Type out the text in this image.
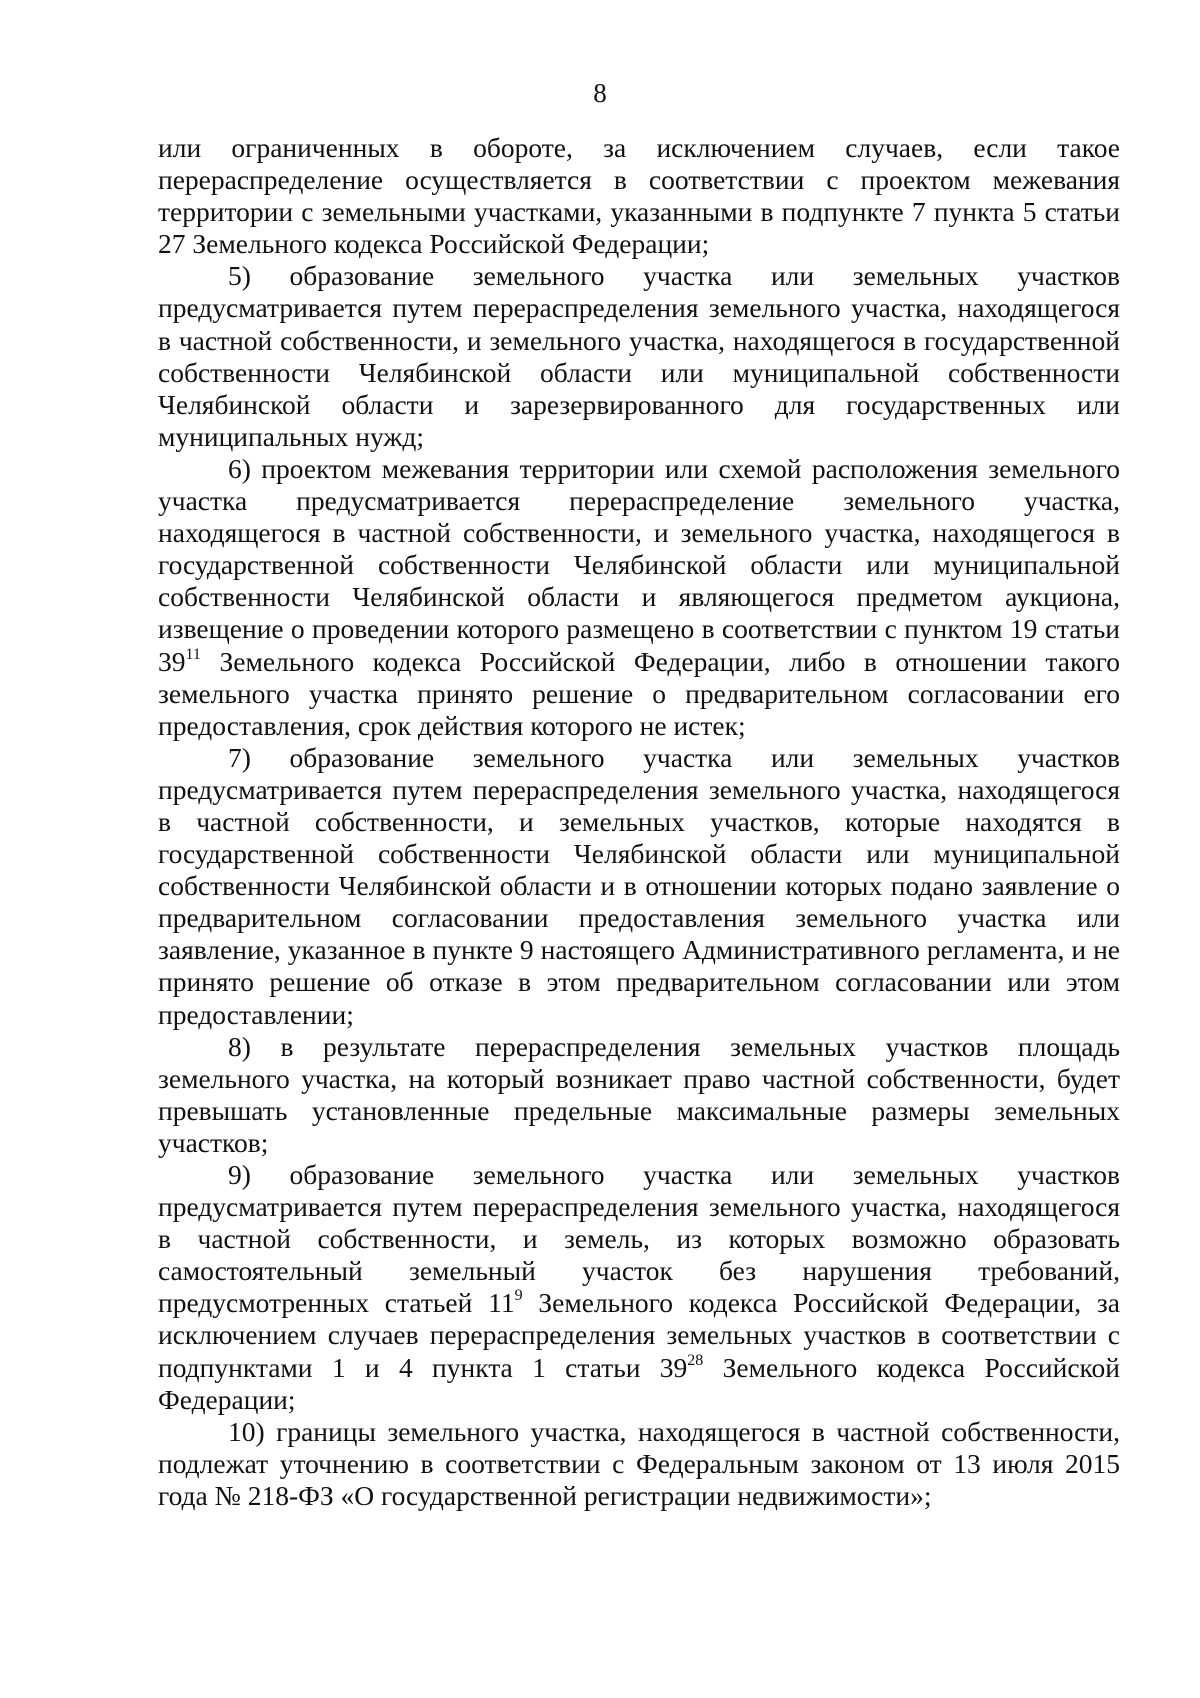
8

или ограниченных в обороте, за исключением случаев, если такое перераспределение осуществляется в соответствии с проектом межевания территории с земельными участками, указанными в подпункте 7 пункта 5 статьи 27 Земельного кодекса Российской Федерации;

5) образование земельного участка или земельных участков предусматривается путем перераспределения земельного участка, находящегося в частной собственности, и земельного участка, находящегося в государственной собственности Челябинской области или муниципальной собственности Челябинской области и зарезервированного для государственных или муниципальных нужд;

6) проектом межевания территории или схемой расположения земельного участка предусматривается перераспределение земельного участка, находящегося в частной собственности, и земельного участка, находящегося в государственной собственности Челябинской области или муниципальной собственности Челябинской области и являющегося предметом аукциона, извещение о проведении которого размещено в соответствии с пунктом 19 статьи $39^{11}$ Земельного кодекса Российской Федерации, либо в отношении такого земельного участка принято решение о предварительном согласовании его предоставления, срок действия которого не истек;

7) образование земельного участка или земельных участков предусматривается путем перераспределения земельного участка, находящегося в частной собственности, и земельных участков, которые находятся в государственной собственности Челябинской области или муниципальной собственности Челябинской области и в отношении которых подано заявление о предварительном согласовании предоставления земельного участка или заявление, указанное в пункте 9 настоящего Административного регламента, и не принято решение об отказе в этом предварительном согласовании или этом предоставлении;

8) в результате перераспределения земельных участков площадь земельного участка, на который возникает право частной собственности, будет превышать установленные предельные максимальные размеры земельных участков;

9) образование земельного участка или земельных участков предусматривается путем перераспределения земельного участка, находящегося в частной собственности, и земель, из которых возможно образовать самостоятельный земельный участок без нарушения требований, предусмотренных статьей $11^9$ Земельного кодекса Российской Федерации, за исключением случаев перераспределения земельных участков в соответствии с подпунктами 1 и 4 пункта 1 статьи $39^{28}$ Земельного кодекса Российской Федерации;

10) границы земельного участка, находящегося в частной собственности, подлежат уточнению в соответствии с Федеральным законом от 13 июля 2015 года № 218-ФЗ «О государственной регистрации недвижимости»;
